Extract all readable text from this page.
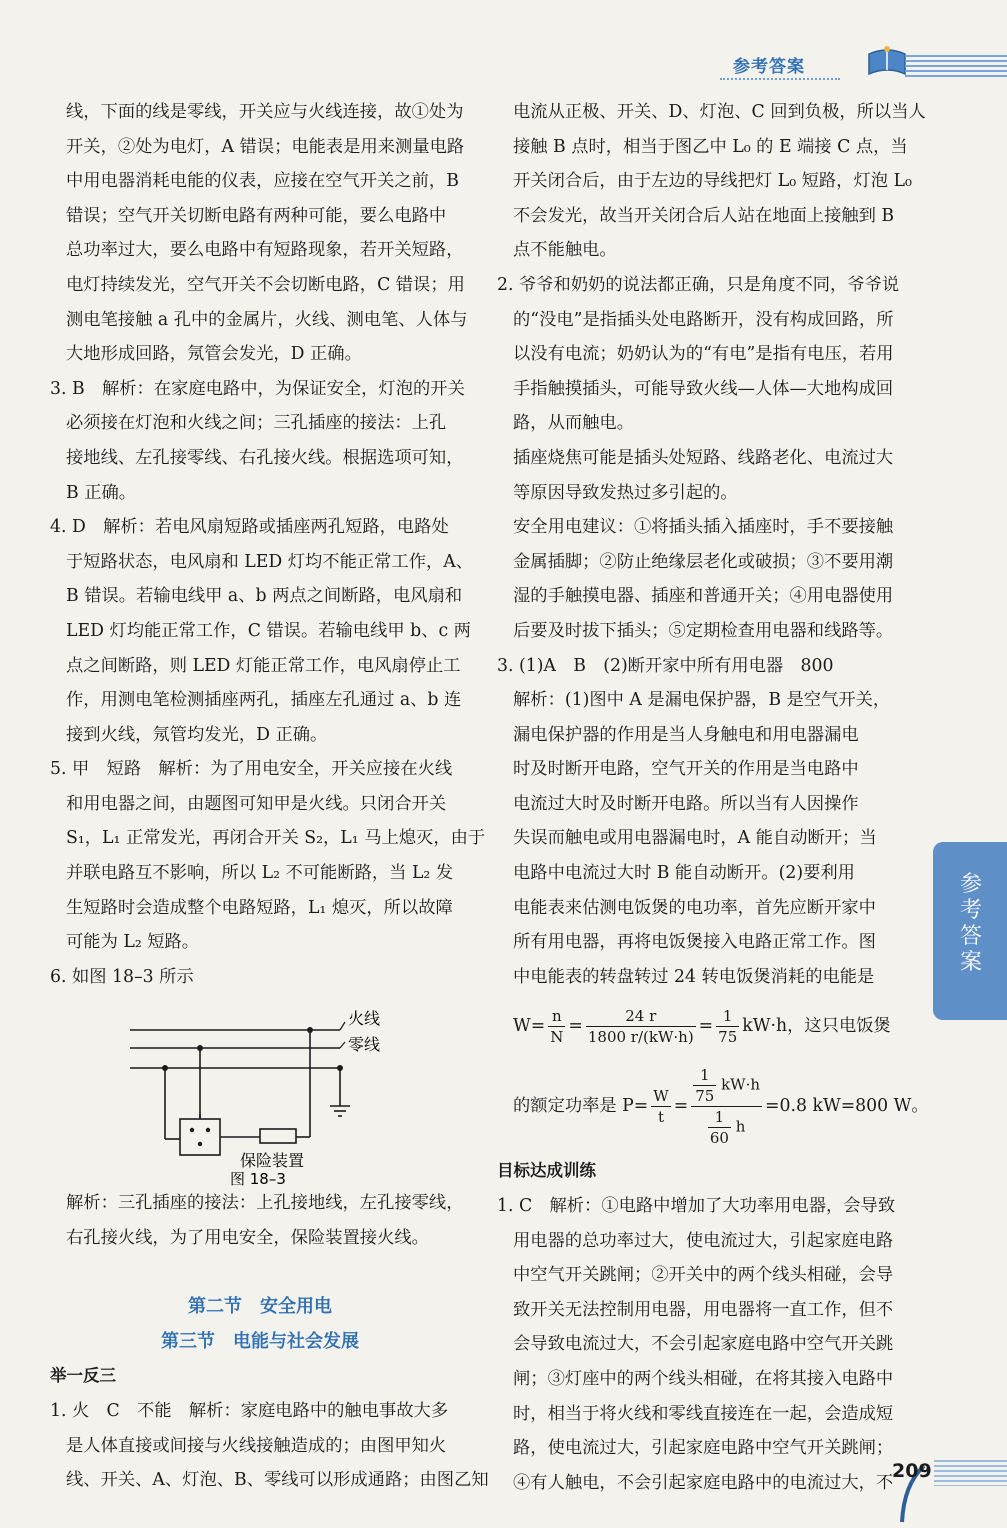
参考答案

线，下面的线是零线，开关应与火线连接，故①处为

开关，②处为电灯，A 错误；电能表是用来测量电路

中用电器消耗电能的仪表，应接在空气开关之前，B

错误；空气开关切断电路有两种可能，要么电路中

总功率过大，要么电路中有短路现象，若开关短路，

电灯持续发光，空气开关不会切断电路，C 错误；用

测电笔接触 a 孔中的金属片，火线、测电笔、人体与

大地形成回路，氖管会发光，D 正确。

3. B　解析：在家庭电路中，为保证安全，灯泡的开关

必须接在灯泡和火线之间；三孔插座的接法：上孔

接地线、左孔接零线、右孔接火线。根据选项可知，

B 正确。

4. D　解析：若电风扇短路或插座两孔短路，电路处

于短路状态，电风扇和 LED 灯均不能正常工作，A、

B 错误。若输电线甲 a、b 两点之间断路，电风扇和

LED 灯均能正常工作，C 错误。若输电线甲 b、c 两

点之间断路，则 LED 灯能正常工作，电风扇停止工

作，用测电笔检测插座两孔，插座左孔通过 a、b 连

接到火线，氖管均发光，D 正确。

5. 甲　短路　解析：为了用电安全，开关应接在火线

和用电器之间，由题图可知甲是火线。只闭合开关

S₁，L₁ 正常发光，再闭合开关 S₂，L₁ 马上熄灭，由于

并联电路互不影响，所以 L₂ 不可能断路，当 L₂ 发

生短路时会造成整个电路短路，L₁ 熄灭，所以故障

可能为 L₂ 短路。

6. 如图 18–3 所示

火线
零线
保险装置
图 18–3

解析：三孔插座的接法：上孔接地线，左孔接零线，

右孔接火线，为了用电安全，保险装置接火线。

第二节　安全用电

第三节　电能与社会发展

举一反三

1. 火　C　不能　解析：家庭电路中的触电事故大多

是人体直接或间接与火线接触造成的；由图甲知火

线、开关、A、灯泡、B、零线可以形成通路；由图乙知

电流从正极、开关、D、灯泡、C 回到负极，所以当人

接触 B 点时，相当于图乙中 L₀ 的 E 端接 C 点，当

开关闭合后，由于左边的导线把灯 L₀ 短路，灯泡 L₀

不会发光，故当开关闭合后人站在地面上接触到 B

点不能触电。

2. 爷爷和奶奶的说法都正确，只是角度不同，爷爷说

的“没电”是指插头处电路断开，没有构成回路，所

以没有电流；奶奶认为的“有电”是指有电压，若用

手指触摸插头，可能导致火线—人体—大地构成回

路，从而触电。

插座烧焦可能是插头处短路、线路老化、电流过大

等原因导致发热过多引起的。

安全用电建议：①将插头插入插座时，手不要接触

金属插脚；②防止绝缘层老化或破损；③不要用潮

湿的手触摸电器、插座和普通开关；④用电器使用

后要及时拔下插头；⑤定期检查用电器和线路等。

3. (1)A　B　(2)断开家中所有用电器　800

解析：(1)图中 A 是漏电保护器，B 是空气开关，

漏电保护器的作用是当人身触电和用电器漏电

时及时断开电路，空气开关的作用是当电路中

电流过大时及时断开电路。所以当有人因操作

失误而触电或用电器漏电时，A 能自动断开；当

电路中电流过大时 B 能自动断开。(2)要利用

电能表来估测电饭煲的电功率，首先应断开家中

所有用电器，再将电饭煲接入电路正常工作。图

中电能表的转盘转过 24 转电饭煲消耗的电能是

$W= \frac{n}{N} = \frac{24 r}{1800 r/(kW\cdot h)} = \frac{1}{75} kW\cdot h$，这只电饭煲
的额定功率是 $P= \frac{W}{t} = \frac{\frac{1}{75} kW\cdot h}{\frac{1}{60} h} =0.8$ kW=800 W。

目标达成训练

1. C　解析：①电路中增加了大功率用电器，会导致

用电器的总功率过大，使电流过大，引起家庭电路

中空气开关跳闸；②开关中的两个线头相碰，会导

致开关无法控制用电器，用电器将一直工作，但不

会导致电流过大，不会引起家庭电路中空气开关跳

闸；③灯座中的两个线头相碰，在将其接入电路中

时，相当于将火线和零线直接连在一起，会造成短

路，使电流过大，引起家庭电路中空气开关跳闸；

④有人触电，不会引起家庭电路中的电流过大，不

参考答案
209
